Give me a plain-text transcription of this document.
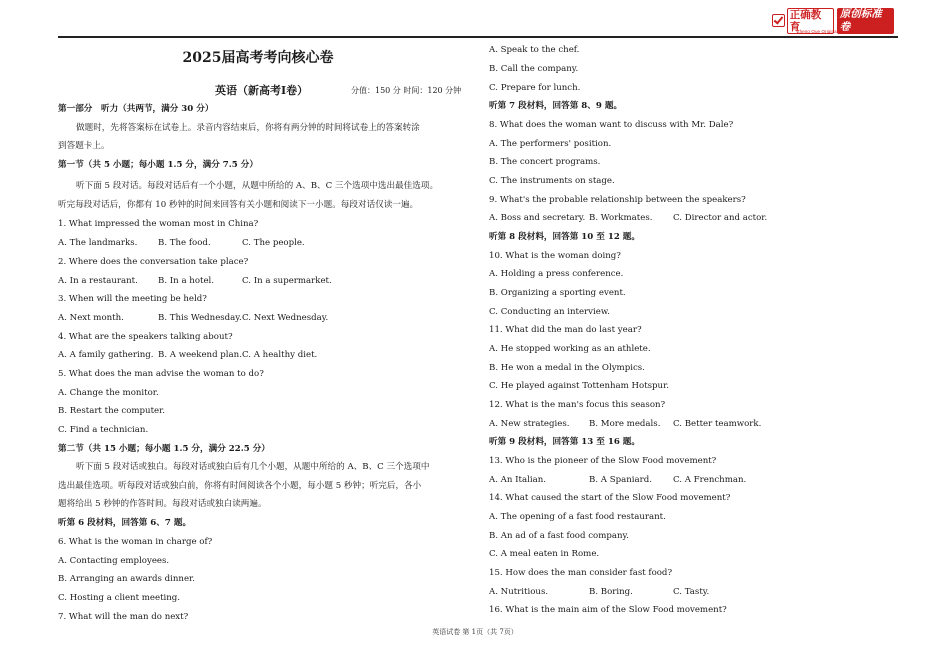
正确教育
原创标准卷
Zheng Que Original Standardized Exam Paper
2025届高考考向核心卷
英语（新高考Ⅰ卷）	分值：150 分 时间：120 分钟
第一部分　听力（共两节，满分 30 分）
做题时，先将答案标在试卷上。录音内容结束后，你将有两分钟的时间将试卷上的答案转涂
到答题卡上。
第一节（共 5 小题；每小题 1.5 分，满分 7.5 分）
听下面 5 段对话。每段对话后有一个小题，从题中所给的 A、B、C 三个选项中选出最佳选项。
听完每段对话后，你都有 10 秒钟的时间来回答有关小题和阅读下一小题。每段对话仅读一遍。
1. What impressed the woman most in China?
A. The landmarks.	B. The food.	C. The people.
2. Where does the conversation take place?
A. In a restaurant.	B. In a hotel.	C. In a supermarket.
3. When will the meeting be held?
A. Next month.	B. This Wednesday. C. Next Wednesday.
4. What are the speakers talking about?
A. A family gathering. B. A weekend plan. C. A healthy diet.
5. What does the man advise the woman to do?
A. Change the monitor.
B. Restart the computer.
C. Find a technician.
第二节（共 15 小题；每小题 1.5 分，满分 22.5 分）
听下面 5 段对话或独白。每段对话或独白后有几个小题，从题中所给的 A、B、C 三个选项中
选出最佳选项。听每段对话或独白前，你将有时间阅读各个小题，每小题 5 秒钟；听完后，各小
题将给出 5 秒钟的作答时间。每段对话或独白读两遍。
听第 6 段材料，回答第 6、7 题。
6. What is the woman in charge of?
A. Contacting employees.
B. Arranging an awards dinner.
C. Hosting a client meeting.
7. What will the man do next?
A. Speak to the chef.
B. Call the company.
C. Prepare for lunch.
听第 7 段材料，回答第 8、9 题。
8. What does the woman want to discuss with Mr. Dale?
A. The performers' position.
B. The concert programs.
C. The instruments on stage.
9. What's the probable relationship between the speakers?
A. Boss and secretary. B. Workmates.	C. Director and actor.
听第 8 段材料，回答第 10 至 12 题。
10. What is the woman doing?
A. Holding a press conference.
B. Organizing a sporting event.
C. Conducting an interview.
11. What did the man do last year?
A. He stopped working as an athlete.
B. He won a medal in the Olympics.
C. He played against Tottenham Hotspur.
12. What is the man's focus this season?
A. New strategies.	B. More medals.	C. Better teamwork.
听第 9 段材料，回答第 13 至 16 题。
13. Who is the pioneer of the Slow Food movement?
A. An Italian.	B. A Spaniard.	C. A Frenchman.
14. What caused the start of the Slow Food movement?
A. The opening of a fast food restaurant.
B. An ad of a fast food company.
C. A meal eaten in Rome.
15. How does the man consider fast food?
A. Nutritious.	B. Boring.	C. Tasty.
16. What is the main aim of the Slow Food movement?
英语试卷 第 1页（共 7页）
